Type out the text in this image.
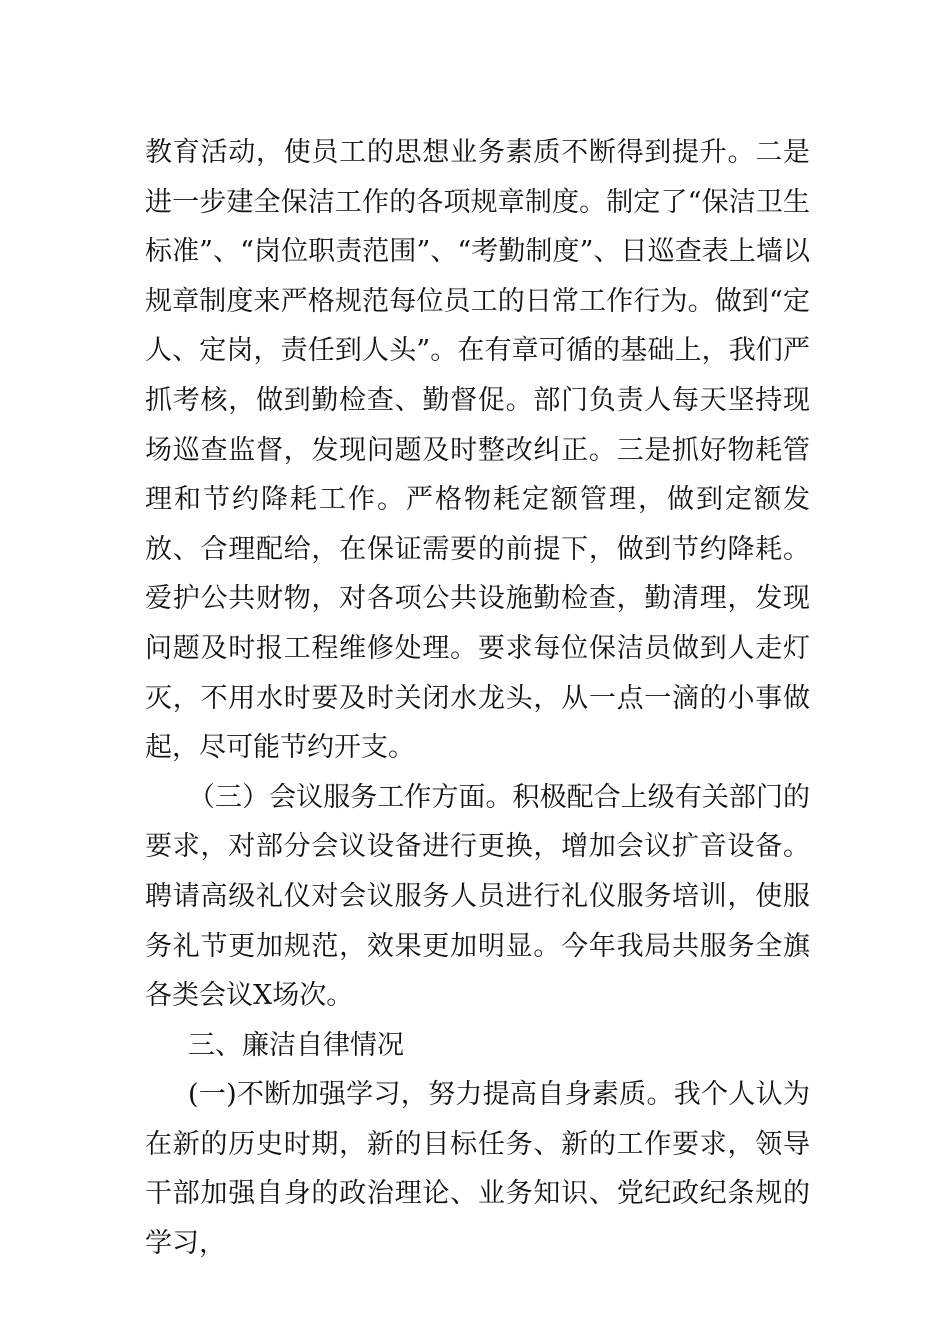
教育活动，使员工的思想业务素质不断得到提升。二是进一步建全保洁工作的各项规章制度。制定了“保洁卫生标准”、“岗位职责范围”、“考勤制度”、日巡查表上墙以规章制度来严格规范每位员工的日常工作行为。做到“定人、定岗，责任到人头”。在有章可循的基础上，我们严抓考核，做到勤检查、勤督促。部门负责人每天坚持现场巡查监督，发现问题及时整改纠正。三是抓好物耗管理和节约降耗工作。严格物耗定额管理，做到定额发放、合理配给，在保证需要的前提下，做到节约降耗。爱护公共财物，对各项公共设施勤检查，勤清理，发现问题及时报工程维修处理。要求每位保洁员做到人走灯灭，不用水时要及时关闭水龙头，从一点一滴的小事做起，尽可能节约开支。

（三）会议服务工作方面。积极配合上级有关部门的要求，对部分会议设备进行更换，增加会议扩音设备。聘请高级礼仪对会议服务人员进行礼仪服务培训，使服务礼节更加规范，效果更加明显。今年我局共服务全旗各类会议X场次。

三、廉洁自律情况

(一)不断加强学习，努力提高自身素质。我个人认为在新的历史时期，新的目标任务、新的工作要求，领导干部加强自身的政治理论、业务知识、党纪政纪条规的学习，
